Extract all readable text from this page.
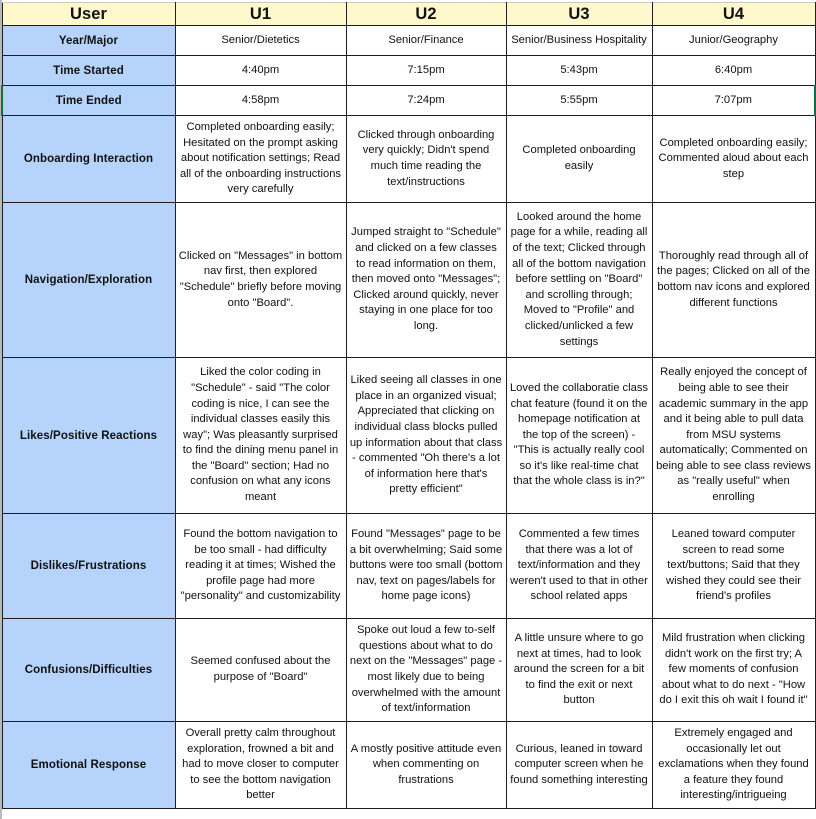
User	U1	U2	U3	U4
Year/Major	Senior/Dietetics	Senior/Finance	Senior/Business Hospitality	Junior/Geography
Time Started	4:40pm	7:15pm	5:43pm	6:40pm
Time Ended	4:58pm	7:24pm	5:55pm	7:07pm
Onboarding Interaction	Completed onboarding easily; Hesitated on the prompt asking about notification settings; Read all of the onboarding instructions very carefully	Clicked through onboarding very quickly; Didn't spend much time reading the text/instructions	Completed onboarding easily	Completed onboarding easily; Commented aloud about each step
Navigation/Exploration	Clicked on "Messages" in bottom nav first, then explored "Schedule" briefly before moving onto "Board".	Jumped straight to "Schedule" and clicked on a few classes to read information on them, then moved onto "Messages"; Clicked around quickly, never staying in one place for too long.	Looked around the home page for a while, reading all of the text; Clicked through all of the bottom navigation before settling on "Board" and scrolling through; Moved to "Profile" and clicked/unlicked a few settings	Thoroughly read through all of the pages; Clicked on all of the bottom nav icons and explored different functions
Likes/Positive Reactions	Liked the color coding in "Schedule" - said "The color coding is nice, I can see the individual classes easily this way"; Was pleasantly surprised to find the dining menu panel in the "Board" section; Had no confusion on what any icons meant	Liked seeing all classes in one place in an organized visual; Appreciated that clicking on individual class blocks pulled up information about that class - commented "Oh there's a lot of information here that's pretty efficient"	Loved the collaboratie class chat feature (found it on the homepage notification at the top of the screen) - "This is actually really cool so it's like real-time chat that the whole class is in?"	Really enjoyed the concept of being able to see their academic summary in the app and it being able to pull data from MSU systems automatically; Commented on being able to see class reviews as "really useful" when enrolling
Dislikes/Frustrations	Found the bottom navigation to be too small - had difficulty reading it at times; Wished the profile page had more "personality" and customizability	Found "Messages" page to be a bit overwhelming; Said some buttons were too small (bottom nav, text on pages/labels for home page icons)	Commented a few times that there was a lot of text/information and they weren't used to that in other school related apps	Leaned toward computer screen to read some text/buttons; Said that they wished they could see their friend's profiles
Confusions/Difficulties	Seemed confused about the purpose of "Board"	Spoke out loud a few to-self questions about what to do next on the "Messages" page - most likely due to being overwhelmed with the amount of text/information	A little unsure where to go next at times, had to look around the screen for a bit to find the exit or next button	Mild frustration when clicking didn't work on the first try; A few moments of confusion about what to do next - "How do I exit this oh wait I found it"
Emotional Response	Overall pretty calm throughout exploration, frowned a bit and had to move closer to computer to see the bottom navigation better	A mostly positive attitude even when commenting on frustrations	Curious, leaned in toward computer screen when he found something interesting	Extremely engaged and occasionally let out exclamations when they found a feature they found interesting/intrigueing
